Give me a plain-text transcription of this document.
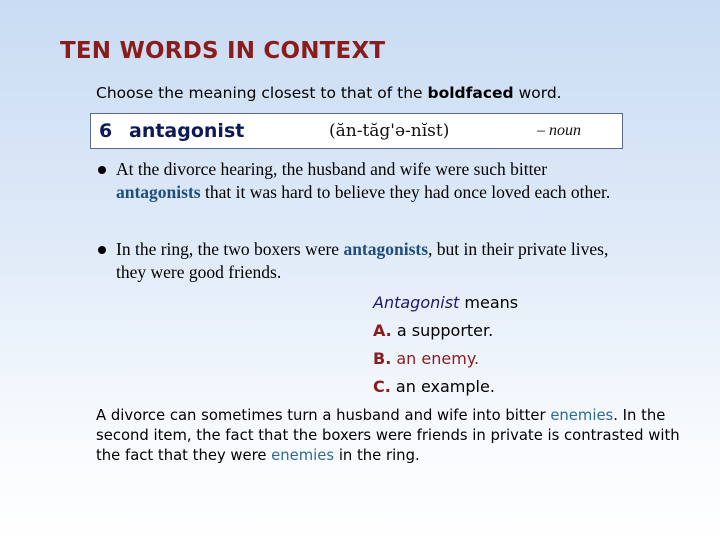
TEN WORDS IN CONTEXT
Choose the meaning closest to that of the boldfaced word.
6 antagonist	(ăn-tăg'ə-nĭst)	– noun
At the divorce hearing, the husband and wife were such bitter antagonists that it was hard to believe they had once loved each other.
In the ring, the two boxers were antagonists, but in their private lives, they were good friends.
Antagonist means
A. a supporter.
B. an enemy.
C. an example.
A divorce can sometimes turn a husband and wife into bitter enemies. In the second item, the fact that the boxers were friends in private is contrasted with the fact that they were enemies in the ring.
